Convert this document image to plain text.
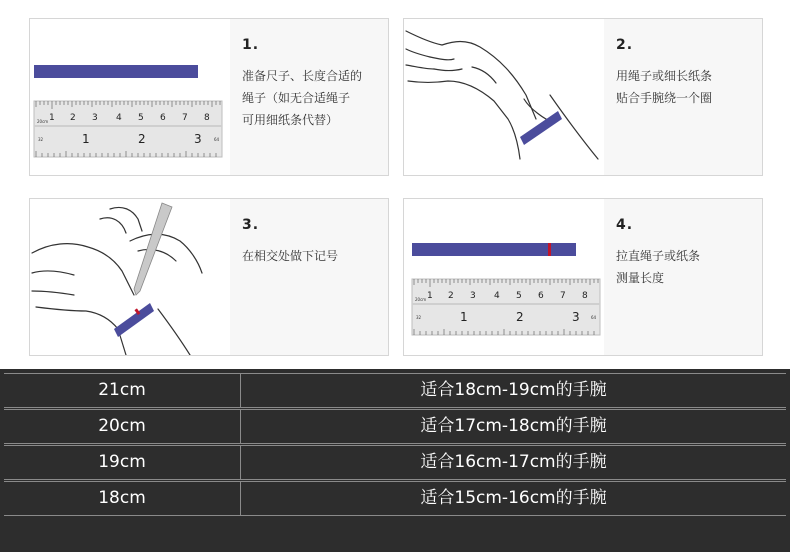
20cm 1 2 3 4 5 6 7 8
32	1	2	3	64
1.
准备尺子、长度合适的
绳子（如无合适绳子
可用细纸条代替）
2.
用绳子或细长纸条
贴合手腕绕一个圈
3.
在相交处做下记号
20cm 1 2 3 4 5 6 7 8
32	1	2	3	64
4.
拉直绳子或纸条
测量长度
21cm	适合18cm-19cm的手腕
20cm	适合17cm-18cm的手腕
19cm	适合16cm-17cm的手腕
18cm	适合15cm-16cm的手腕
